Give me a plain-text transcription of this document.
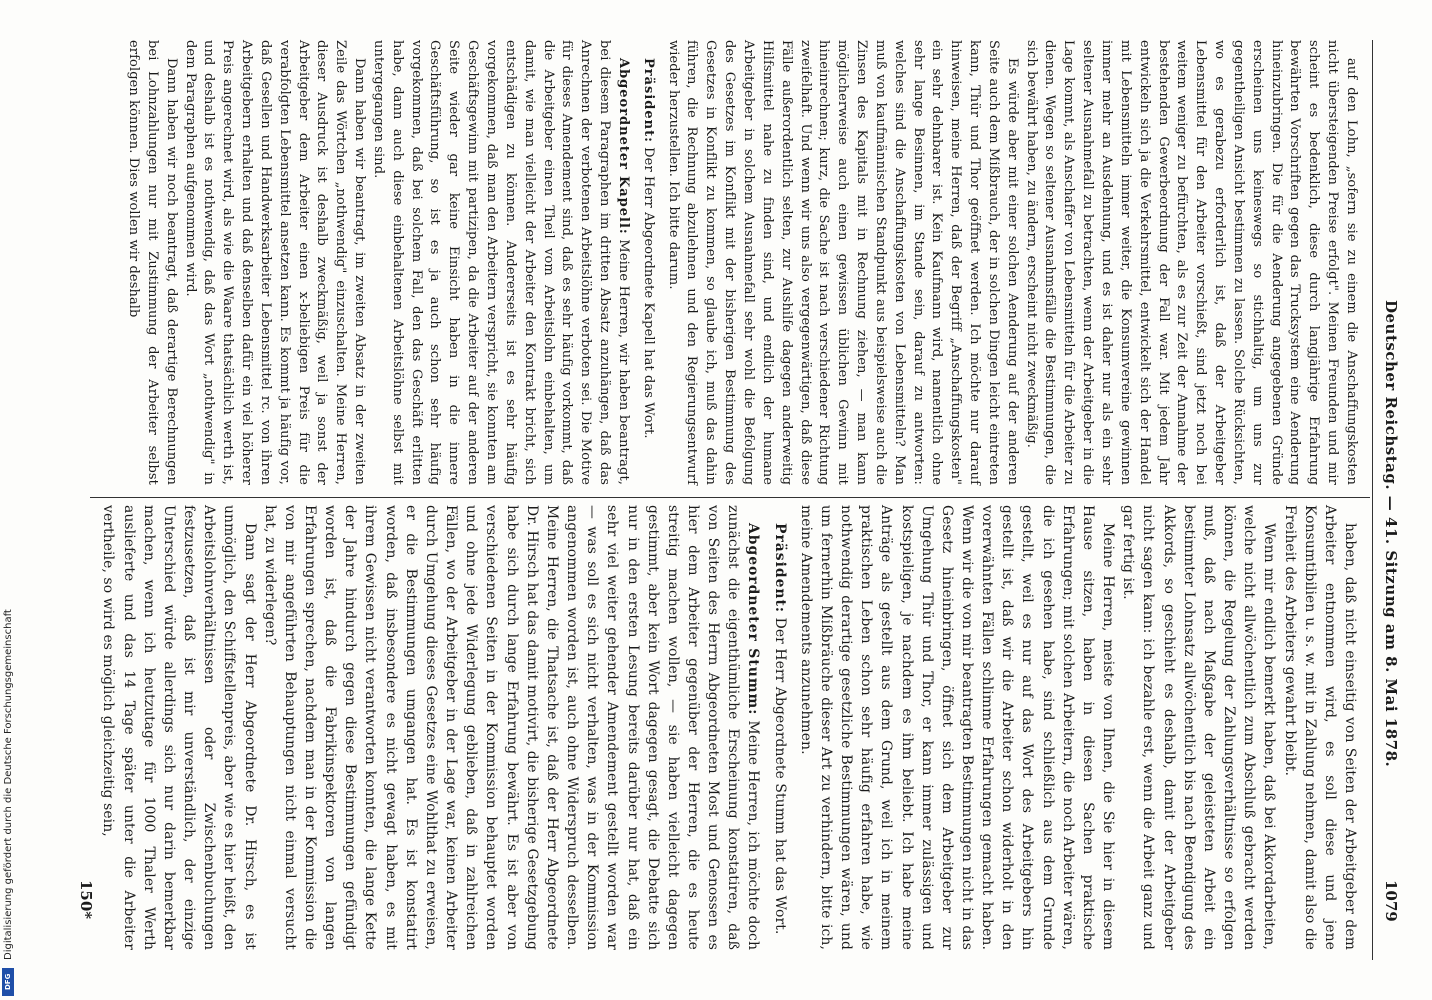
Deutscher Reichstag. — 41. Sitzung am 8. Mai 1878.
1079

auf den Lohn, „sofern sie zu einem die Anschaffungskosten nicht übersteigenden Preise erfolgt". Meinen Freunden und mir scheint es bedenklich, diese durch langjährige Erfahrung bewährten Vorschriften gegen das Trucksystem eine Aenderung hineinzubringen. Die für die Aenderung angegebenen Gründe erscheinen uns keineswegs so stichhaltig, um uns zur gegentheiligen Ansicht bestimmen zu lassen. Solche Rücksichten, wo es gerabezu erforderlich ist, daß der Arbeitgeber Lebensmittel für den Arbeiter vorschießt, sind jetzt noch bei weitem weniger zu befürchten, als es zur Zeit der Annahme der bestehenden Gewerbeordnung der Fall war. Mit jedem Jahr entwickeln sich ja die Verkehrsmittel, entwickelt sich der Handel mit Lebensmitteln immer weiter, die Konsumvereine gewinnen immer mehr an Ausdehnung, und es ist daher nur als ein sehr seltener Ausnahmefall zu betrachten, wenn der Arbeitgeber in die Lage kommt, als Anschaffer von Lebensmitteln für die Arbeiter zu dienen. Wegen so seltener Ausnahmsfälle die Bestimmungen, die sich bewährt haben, zu ändern, erscheint nicht zweckmäßig.

Es würde aber mit einer solchen Aenderung auf der anderen Seite auch dem Mißbrauch, der in solchen Dingen leicht eintreten kann, Thür und Thor geöffnet werden. Ich möchte nur darauf hinweisen, meine Herren, daß der Begriff „Anschaffungskosten" ein sehr dehnbarer ist. Kein Kaufmann wird, namentlich ohne sehr lange Besinnen, im Stande sein, darauf zu antworten: welches sind die Anschaffungskosten von Lebensmitteln? Man muß von kaufmännischen Standpunkt aus beispielsweise auch die Zinsen des Kapitals mit in Rechnung ziehen, — man kann möglicherweise auch einen gewissen üblichen Gewinn mit hineinrechnen; kurz, die Sache ist nach verschiedener Richtung zweifelhaft. Und wenn wir uns also vergegenwärtigen, daß diese Fälle außerordentlich selten, zur Aushilfe dagegen anderweitig Hilfsmittel nahe zu finden sind, und endlich der humane Arbeitgeber in solchem Ausnahmefall sehr wohl die Befolgung des Gesetzes im Konflikt mit der bisherigen Bestimmung des Gesetzes in Konflikt zu kommen, so glaube ich, muß das dahin führen, die Rechnung abzulehnen und den Regierungsentwurf wieder herzustellen. Ich bitte darum.

Präsident: Der Herr Abgeordnete Kapell hat das Wort.

Abgeordneter Kapell: Meine Herren, wir haben beantragt, bei diesem Paragraphen im dritten Absatz anzuhängen, daß das Anrechnen der verbotenen Arbeitslöhne verboten sei. Die Motive für dieses Amendement sind, daß es sehr häufig vorkommt, daß die Arbeitgeber einen Theil vom Arbeitslohn einbehalten, um damit, wie man vielleicht der Arbeiter den Kontrakt bricht, sich entschädigen zu können. Andererseits ist es sehr häufig vorgekommen, daß man den Arbeitern verspricht, sie konnten am Geschäftsgewinn mit partizipen, da die Arbeiter auf der anderen Seite wieder gar keine Einsicht haben in die innere Geschäftsführung, so ist es ja auch schon sehr häufig vorgekommen, daß bei solchem Fall, den das Geschäft erlitten habe, dann auch diese einbehaltenen Arbeitslöhne selbst mit untergegangen sind.

Dann haben wir beantragt, im zweiten Absatz in der zweiten Zeile das Wörtchen „nothwendig" einzuschalten. Meine Herren, dieser Ausdruck ist deshalb zweckmäßig, weil ja sonst der Arbeitgeber dem Arbeiter einen x-beliebigen Preis für die verabfolgten Lebensmittel ansetzen kann. Es kommt ja häufig vor, daß Gesellen und Handwerksarbeiter Lebensmittel rc. von ihren Arbeitgebern erhalten und daß denselben dafür ein viel höherer Preis angerechnet wird, als wie die Waare thatsächlich werth ist, und deshalb ist es nothwendig, daß das Wort „nothwendig" in dem Paragraphen aufgenommen wird.

Dann haben wir noch beantragt, daß derartige Berechnungen bei Lohnzahlungen nur mit Zustimmung der Arbeiter selbst erfolgen können. Dies wollen wir deshalb

haben, daß nicht einseitig von Seiten der Arbeitgeber dem Arbeiter entnommen wird, es soll diese und jene Konsumtibilien u. s. w. mit in Zahlung nehmen, damit also die Freiheit des Arbeiters gewahrt bleibt.

Wenn mir endlich bemerkt haben, daß bei Akkordarbeiten, welche nicht allwöchentlich zum Abschluß gebracht werden können, die Regelung der Zahlungsverhältnisse so erfolgen muß, daß nach Maßgabe der geleisteten Arbeit ein bestimmter Lohnsatz allwöchentlich bis nach Beendigung des Akkords, so geschieht es deshalb, damit der Arbeitgeber nicht sagen kann: ich bezahle erst, wenn die Arbeit ganz und gar fertig ist.

Meine Herren, meiste von Ihnen, die Sie hier in diesem Hause sitzen, haben in diesen Sachen praktische Erfahrungen; mit solchen Arbeitern, die noch Arbeiter wären, die ich gesehen habe, sind schließlich aus dem Grunde gestellt, weil es nur auf das Wort des Arbeitgebers hin gestellt ist, daß wir die Arbeiter schon widerholt in den vorerwähnten Fällen schlimme Erfahrungen gemacht haben. Wenn wir die von mir beantragten Bestimmungen nicht in das Gesetz hineinbringen, öffnet sich dem Arbeitgeber zur Umgehung Thür und Thor, er kann immer zulässigen und kostspieligen, je nachdem es ihm beliebt. Ich habe meine Anträge als gestellt aus dem Grund, weil ich in meinem praktischen Leben schon sehr häufig erfahren habe, wie nothwendig derartige gesetzliche Bestimmungen wären, und um fernerhin Mißbräuche dieser Art zu verhindern, bitte ich, meine Amendements anzunehmen.

Präsident: Der Herr Abgeordnete Stumm hat das Wort.

Abgeordneter Stumm: Meine Herren, ich möchte doch zunächst die eigenthümliche Erscheinung konstatiren, daß von Seiten des Herrn Abgeordneten Most und Genossen es hier dem Arbeiter gegenüber der Herren, die es heute streitig machen wollen, — sie haben vielleicht dagegen gestimmt, aber kein Wort dagegen gesagt, die Debatte sich nur in den ersten Lesung bereits darüber nur hat, daß ein sehr viel weiter gehender Amendement gestellt worden war — was soll es sich nicht verhalten, was in der Kommission angenommen worden ist, auch ohne Widerspruch desselben. Meine Herren, die Thatsache ist, daß der Herr Abgeordnete Dr. Hirsch hat das damit motivirt, die bisherige Gesetzgebung habe sich durch lange Erfahrung bewährt. Es ist aber von verschiedenen Seiten in der Kommission behauptet worden und ohne jede Widerlegung geblieben, daß in zahlreichen Fällen, wo der Arbeitgeber in der Lage war, keinen Arbeiter durch Umgehung dieses Gesetzes eine Wohlthat zu erweisen, er die Bestimmungen umgangen hat. Es ist konstatirt worden, daß insbesondere es nicht gewagt haben, es mit ihrem Gewissen nicht verantworten konnten, die lange Kette der Jahre hindurch gegen diese Bestimmungen gefündigt worden ist, daß die Fabrikinspektoren von langen Erfahrungen sprechen, nachdem man in der Kommission die von mir angeführten Behauptungen nicht einmal versucht hat, zu widerlegen?

Dann sagt der Herr Abgeordnete Dr. Hirsch, es ist unmöglich, den Schiffstellenpreis, aber wie es hier heißt, den Arbeitslohnverhältnissen oder Zwischenbuchungen festzusetzen, daß ist mir unverständlich, der einzige Unterschied würde allerdings sich nur darin bemerkbar machen, wenn ich heutzutage für 1000 Thaler Werth auslieferte und das 14 Tage später unter die Arbeiter vertheile, so wird es möglich gleichzeitig sein,

150*
Digitalisierung gefördert durch die Deutsche Forschungsgemeinschaft
DFG
